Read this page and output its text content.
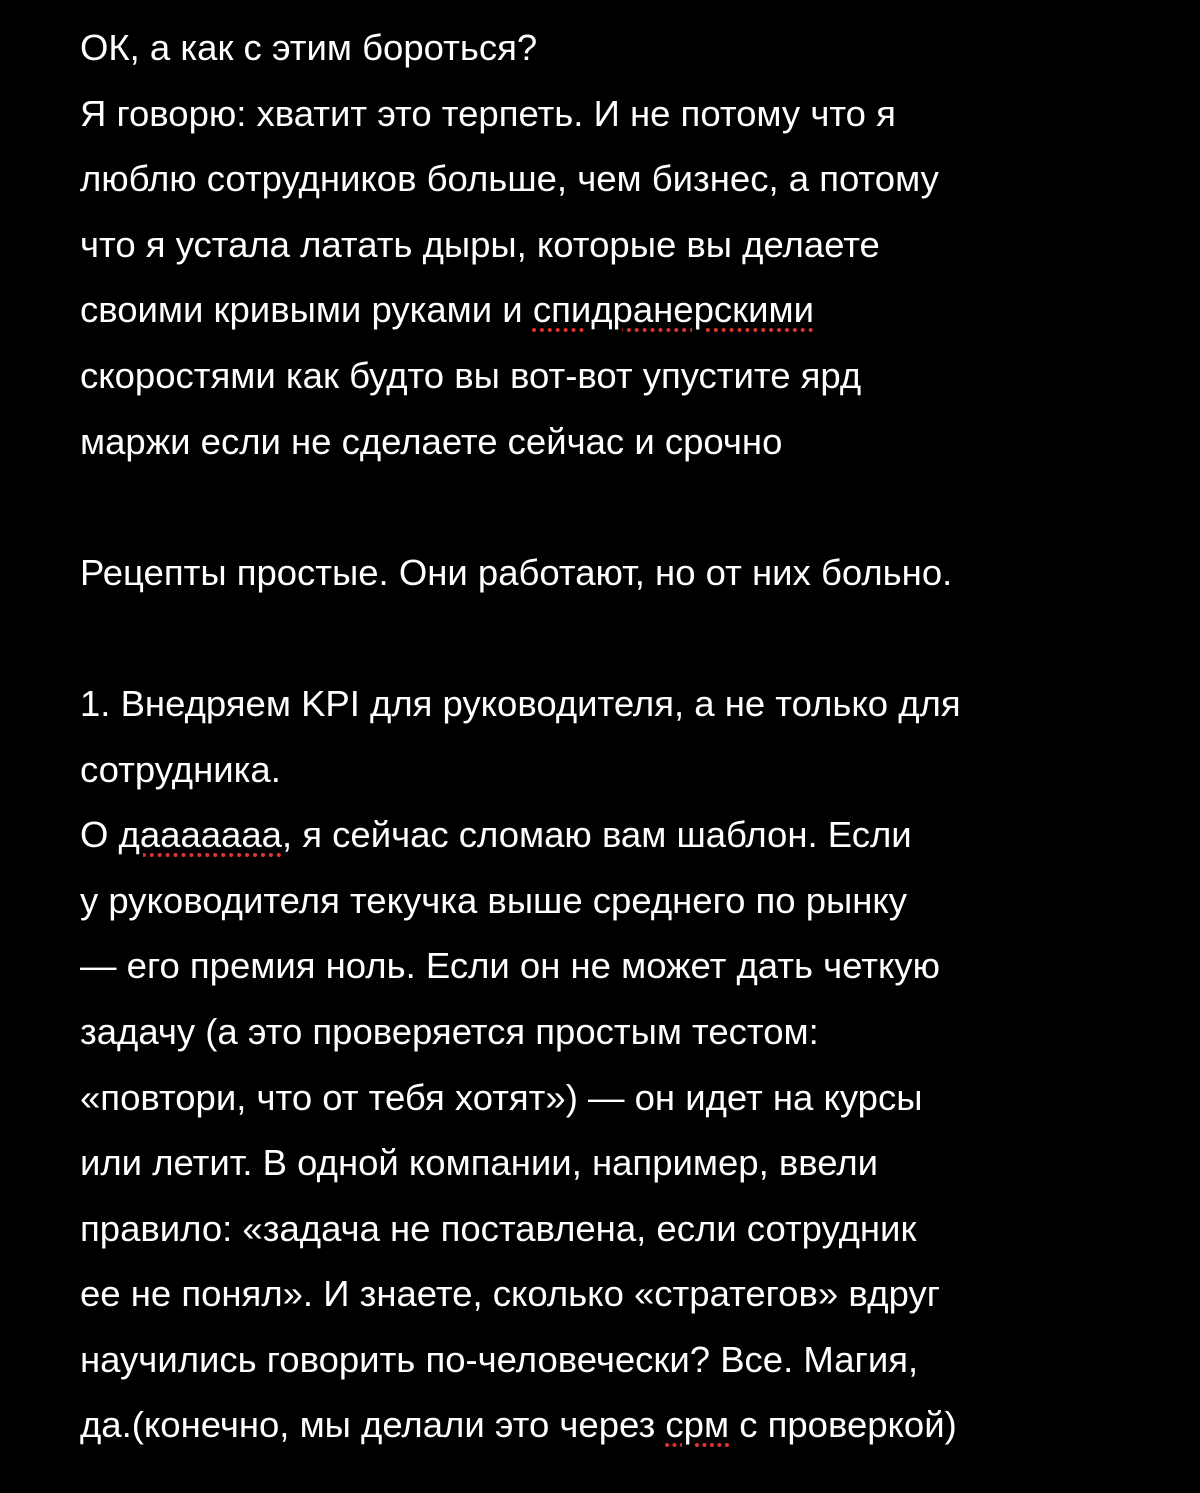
ОК, а как с этим бороться?
Я говорю: хватит это терпеть. И не потому что я
люблю сотрудников больше, чем бизнес, а потому
что я устала латать дыры, которые вы делаете
своими кривыми руками и спидранерскими
скоростями как будто вы вот-вот упустите ярд
маржи если не сделаете сейчас и срочно
Рецепты простые. Они работают, но от них больно.
1. Внедряем KPI для руководителя, а не только для
сотрудника.
О дааааааа, я сейчас сломаю вам шаблон. Если
у руководителя текучка выше среднего по рынку
— его премия ноль. Если он не может дать четкую
задачу (а это проверяется простым тестом:
«повтори, что от тебя хотят») — он идет на курсы
или летит. В одной компании, например, ввели
правило: «задача не поставлена, если сотрудник
ее не понял». И знаете, сколько «стратегов» вдруг
научились говорить по-человечески? Все. Магия,
да.(конечно, мы делали это через срм с проверкой)
